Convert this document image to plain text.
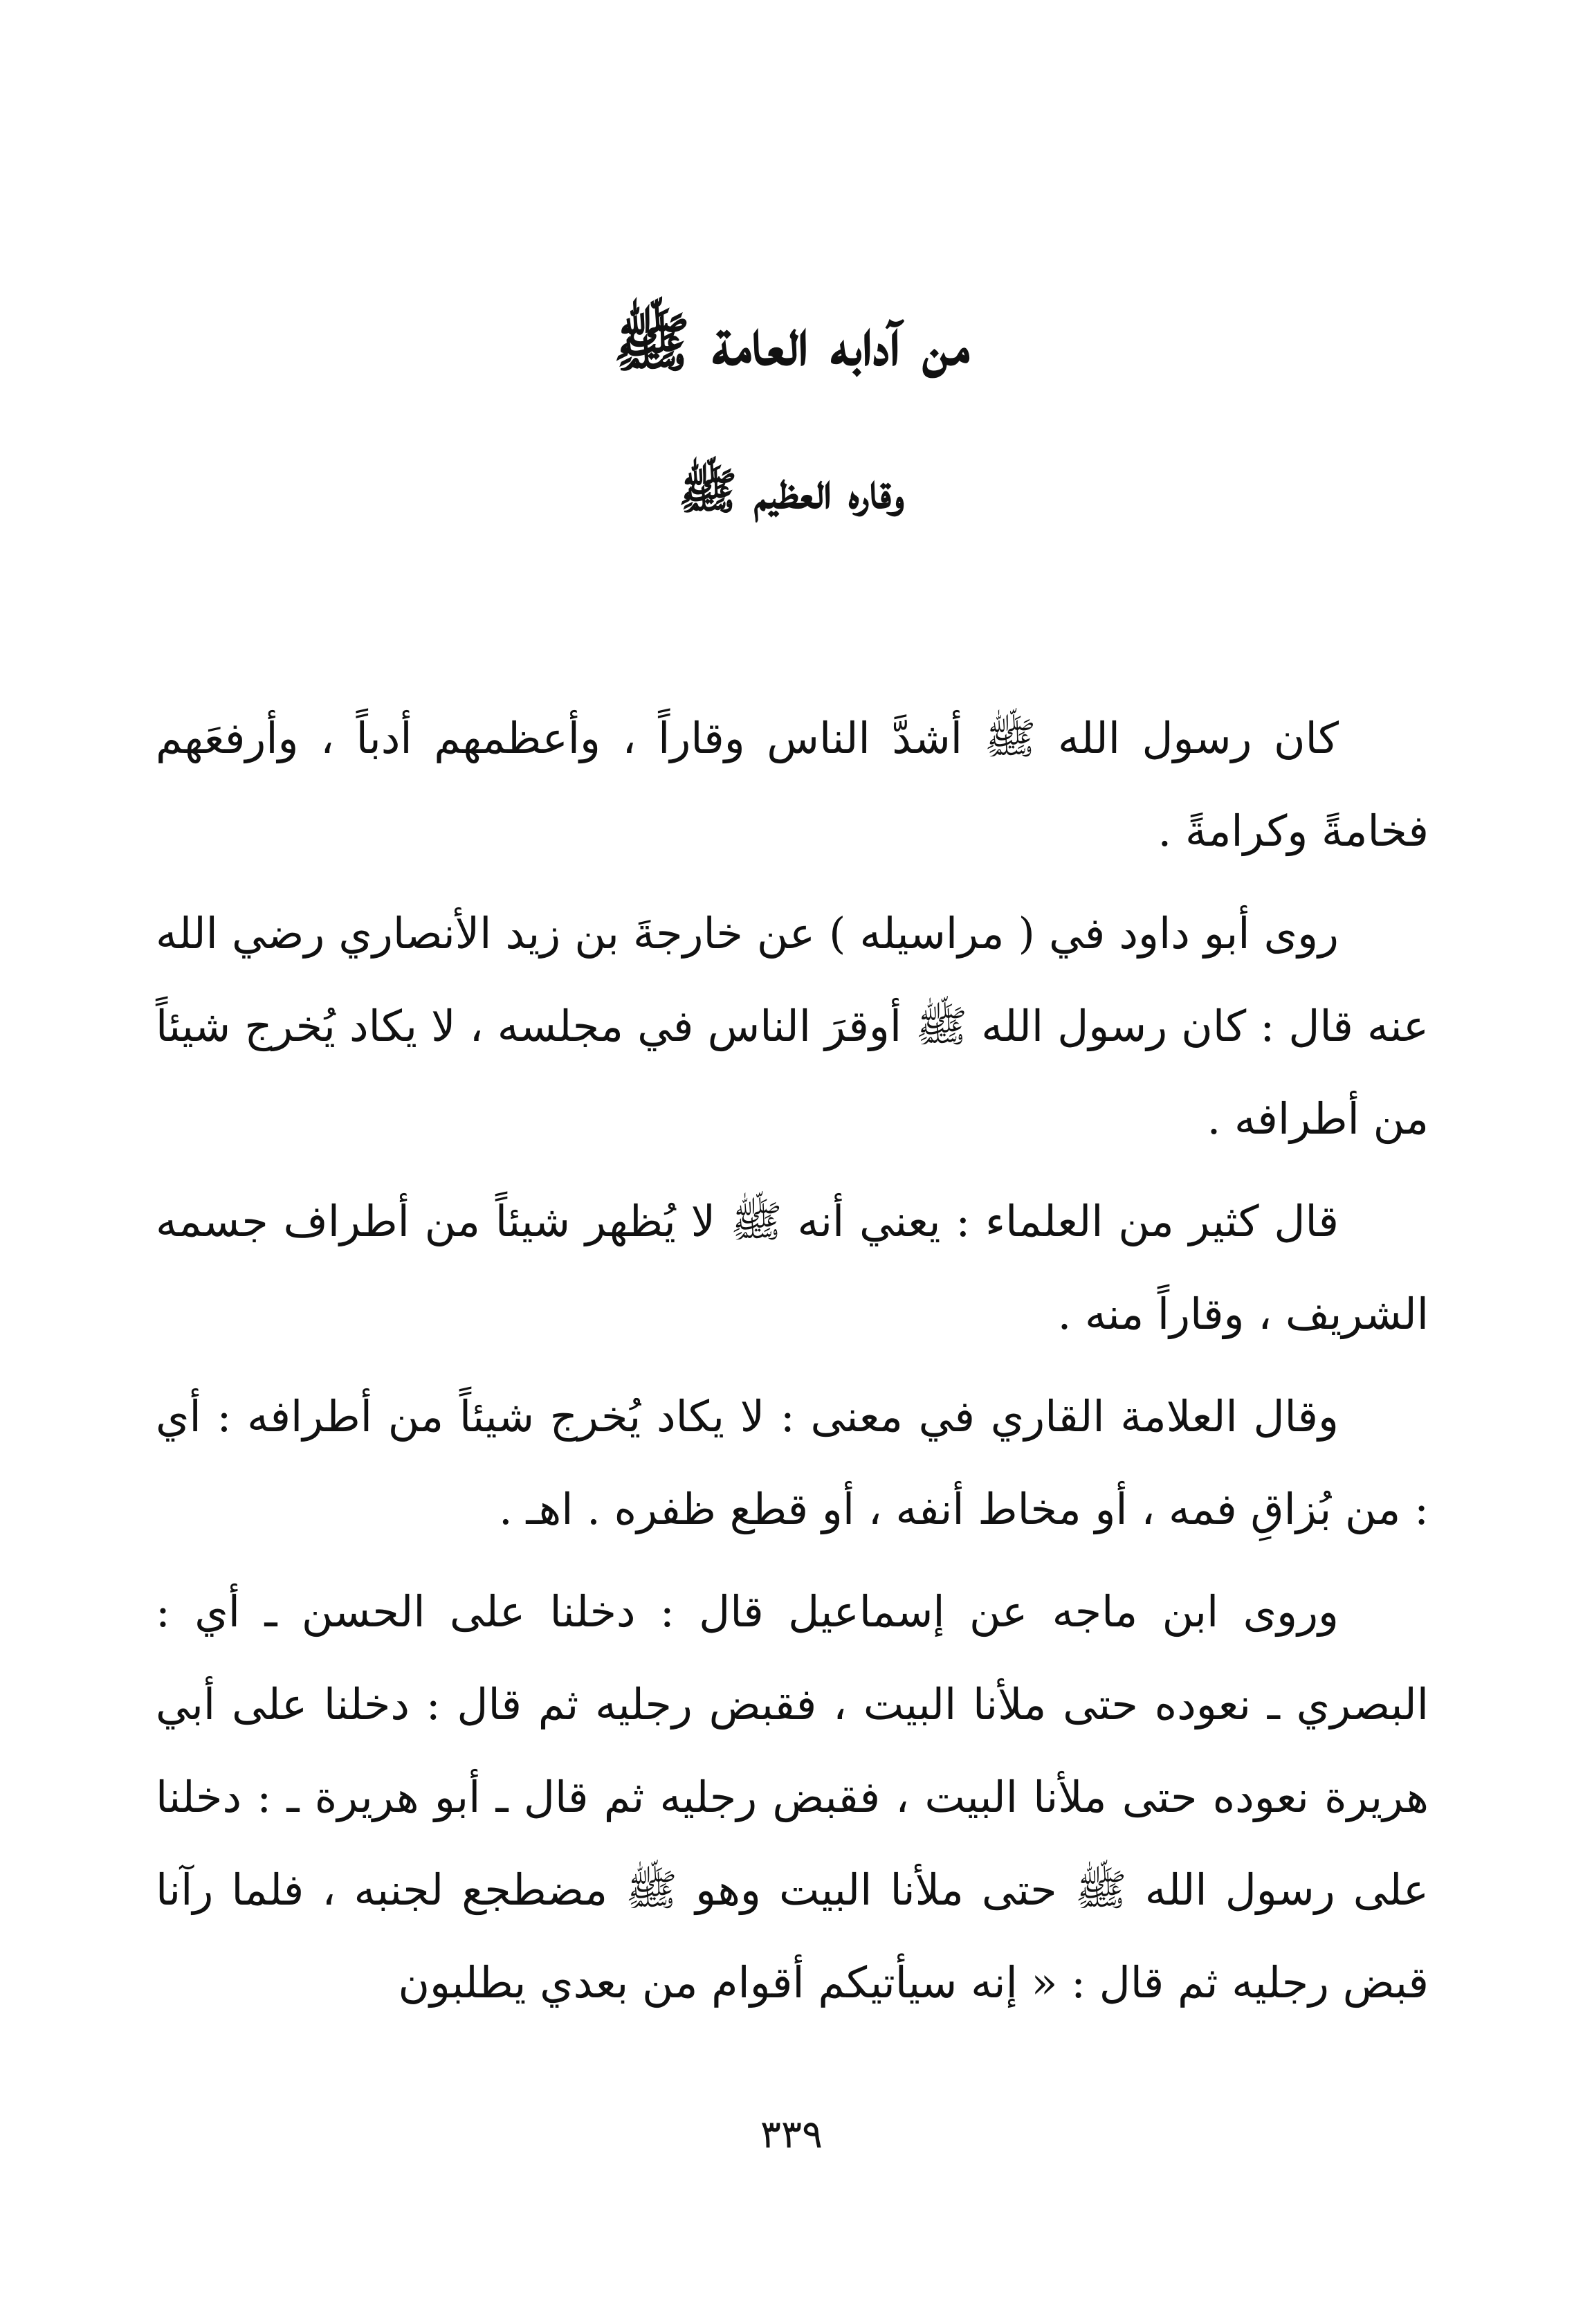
من آدابه العامة ﷺ
وقاره العظيم ﷺ

كان رسول الله ﷺ أشدَّ الناس وقاراً ، وأعظمهم أدباً ، وأرفعَهم فخامةً وكرامةً .

روى أبو داود في ( مراسيله ) عن خارجةَ بن زيد الأنصاري رضي الله عنه قال : كان رسول الله ﷺ أوقرَ الناس في مجلسه ، لا يكاد يُخرج شيئاً من أطرافه .

قال كثير من العلماء : يعني أنه ﷺ لا يُظهر شيئاً من أطراف جسمه الشريف ، وقاراً منه .

وقال العلامة القاري في معنى : لا يكاد يُخرج شيئاً من أطرافه : أي : من بُزاقِ فمه ، أو مخاط أنفه ، أو قطع ظفره . اهـ .

وروى ابن ماجه عن إسماعيل قال : دخلنا على الحسن ـ أي : البصري ـ نعوده حتى ملأنا البيت ، فقبض رجليه ثم قال : دخلنا على أبي هريرة نعوده حتى ملأنا البيت ، فقبض رجليه ثم قال ـ أبو هريرة ـ : دخلنا على رسول الله ﷺ حتى ملأنا البيت وهو ﷺ مضطجع لجنبه ، فلما رآنا قبض رجليه ثم قال : « إنه سيأتيكم أقوام من بعدي يطلبون

٣٣٩
